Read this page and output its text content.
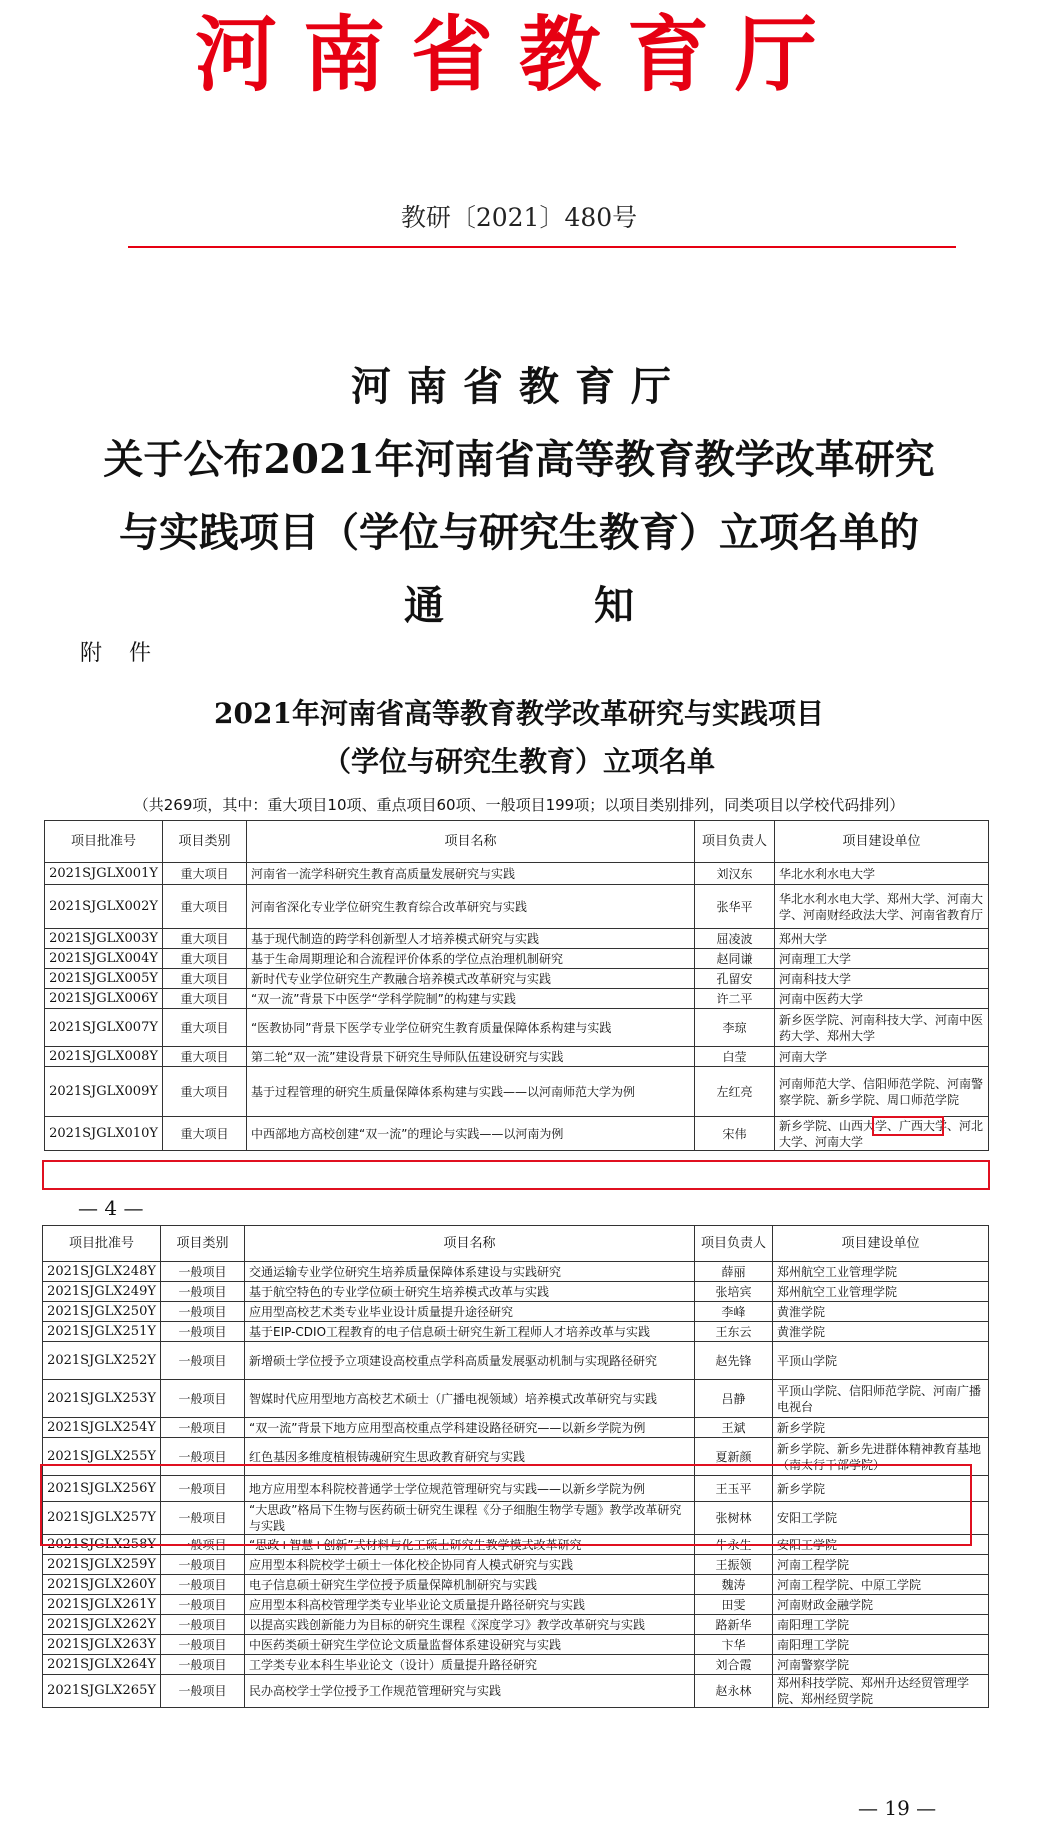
河南省教育厅
教研〔2021〕480号
河南省教育厅
关于公布2021年河南省高等教育教学改革研究
与实践项目（学位与研究生教育）立项名单的
通知
附 件
2021年河南省高等教育教学改革研究与实践项目
（学位与研究生教育）立项名单
（共269项，其中：重大项目10项、重点项目60项、一般项目199项；以项目类别排列，同类项目以学校代码排列）
项目批准号	项目类别	项目名称	项目负责人	项目建设单位
2021SJGLX001Y	重大项目	河南省一流学科研究生教育高质量发展研究与实践	刘汉东	华北水利水电大学
2021SJGLX002Y	重大项目	河南省深化专业学位研究生教育综合改革研究与实践	张华平	华北水利水电大学、郑州大学、河南大学、河南财经政法大学、河南省教育厅
2021SJGLX003Y	重大项目	基于现代制造的跨学科创新型人才培养模式研究与实践	屈凌波	郑州大学
2021SJGLX004Y	重大项目	基于生命周期理论和合流程评价体系的学位点治理机制研究	赵同谦	河南理工大学
2021SJGLX005Y	重大项目	新时代专业学位研究生产教融合培养模式改革研究与实践	孔留安	河南科技大学
2021SJGLX006Y	重大项目	“双一流”背景下中医学“学科学院制”的构建与实践	许二平	河南中医药大学
2021SJGLX007Y	重大项目	“医教协同”背景下医学专业学位研究生教育质量保障体系构建与实践	李琼	新乡医学院、河南科技大学、河南中医药大学、郑州大学
2021SJGLX008Y	重大项目	第二轮“双一流”建设背景下研究生导师队伍建设研究与实践	白莹	河南大学
2021SJGLX009Y	重大项目	基于过程管理的研究生质量保障体系构建与实践——以河南师范大学为例	左红亮	河南师范大学、信阳师范学院、河南警察学院、新乡学院、周口师范学院
2021SJGLX010Y	重大项目	中西部地方高校创建“双一流”的理论与实践——以河南为例	宋伟	新乡学院、山西大学、广西大学、河北大学、河南大学
— 4 —
项目批准号	项目类别	项目名称	项目负责人	项目建设单位
2021SJGLX248Y	一般项目	交通运输专业学位研究生培养质量保障体系建设与实践研究	薛丽	郑州航空工业管理学院
2021SJGLX249Y	一般项目	基于航空特色的专业学位硕士研究生培养模式改革与实践	张培宾	郑州航空工业管理学院
2021SJGLX250Y	一般项目	应用型高校艺术类专业毕业设计质量提升途径研究	李峰	黄淮学院
2021SJGLX251Y	一般项目	基于EIP-CDIO工程教育的电子信息硕士研究生新工程师人才培养改革与实践	王东云	黄淮学院
2021SJGLX252Y	一般项目	新增硕士学位授予立项建设高校重点学科高质量发展驱动机制与实现路径研究	赵先锋	平顶山学院
2021SJGLX253Y	一般项目	智媒时代应用型地方高校艺术硕士（广播电视领域）培养模式改革研究与实践	吕静	平顶山学院、信阳师范学院、河南广播电视台
2021SJGLX254Y	一般项目	“双一流”背景下地方应用型高校重点学科建设路径研究——以新乡学院为例	王斌	新乡学院
2021SJGLX255Y	一般项目	红色基因多维度植根铸魂研究生思政教育研究与实践	夏新颜	新乡学院、新乡先进群体精神教育基地（南太行干部学院）
2021SJGLX256Y	一般项目	地方应用型本科院校普通学士学位规范管理研究与实践——以新乡学院为例	王玉平	新乡学院
2021SJGLX257Y	一般项目	“大思政”格局下生物与医药硕士研究生课程《分子细胞生物学专题》教学改革研究与实践	张树林	安阳工学院
2021SJGLX258Y	一般项目	“思政+智慧+创新”式材料与化工硕士研究生教学模式改革研究	牛永生	安阳工学院
2021SJGLX259Y	一般项目	应用型本科院校学士硕士一体化校企协同育人模式研究与实践	王振领	河南工程学院
2021SJGLX260Y	一般项目	电子信息硕士研究生学位授予质量保障机制研究与实践	魏涛	河南工程学院、中原工学院
2021SJGLX261Y	一般项目	应用型本科高校管理学类专业毕业论文质量提升路径研究与实践	田雯	河南财政金融学院
2021SJGLX262Y	一般项目	以提高实践创新能力为目标的研究生课程《深度学习》教学改革研究与实践	路新华	南阳理工学院
2021SJGLX263Y	一般项目	中医药类硕士研究生学位论文质量监督体系建设研究与实践	卞华	南阳理工学院
2021SJGLX264Y	一般项目	工学类专业本科生毕业论文（设计）质量提升路径研究	刘合霞	河南警察学院
2021SJGLX265Y	一般项目	民办高校学士学位授予工作规范管理研究与实践	赵永林	郑州科技学院、郑州升达经贸管理学院、郑州经贸学院
— 19 —
